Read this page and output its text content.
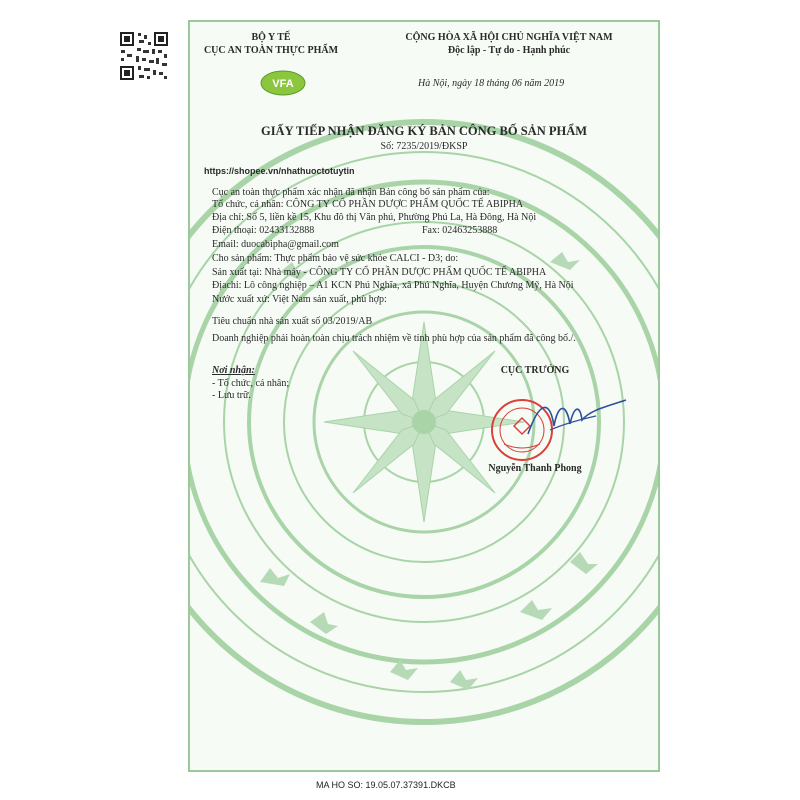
BỘ Y TẾ
CỤC AN TOÀN THỰC PHẨM
VFA
CỘNG HÒA XÃ HỘI CHỦ NGHĨA VIỆT NAM
Độc lập - Tự do - Hạnh phúc
Hà Nội, ngày 18 tháng 06 năm 2019
GIẤY TIẾP NHẬN ĐĂNG KÝ BẢN CÔNG BỐ SẢN PHẨM
Số: 7235/2019/ĐKSP
https://shopee.vn/nhathuoctotuytin
Cục an toàn thực phẩm xác nhận đã nhận Bản công bố sản phẩm của:
Tổ chức, cá nhân: CÔNG TY CỔ PHẦN DƯỢC PHẨM QUỐC TẾ ABIPHA
Địa chỉ: Số 5, liền kề 15, Khu đô thị Văn phú, Phường Phú La, Hà Đông, Hà Nội
Điện thoại: 02433132888	Fax: 02463253888
Email: duocabipha@gmail.com
Cho sản phẩm: Thực phẩm bảo vệ sức khỏe CALCI - D3; do:
Sản xuất tại: Nhà máy - CÔNG TY CỔ PHẦN DƯỢC PHẨM QUỐC TẾ ABIPHA
Địachỉ: Lô công nghiệp – A1 KCN Phú Nghĩa, xã Phú Nghĩa, Huyện Chương Mỹ, Hà Nội
Nước xuất xứ: Việt Nam sản xuất, phù hợp:
Tiêu chuẩn nhà sản xuất số 03/2019/AB
Doanh nghiệp phải hoàn toàn chịu trách nhiệm về tính phù hợp của sản phẩm đã công bố./.
Nơi nhận:
- Tổ chức, cá nhân;
- Lưu trữ.
CỤC TRƯỞNG
Nguyễn Thanh Phong
MA HO SO: 19.05.07.37391.DKCB
